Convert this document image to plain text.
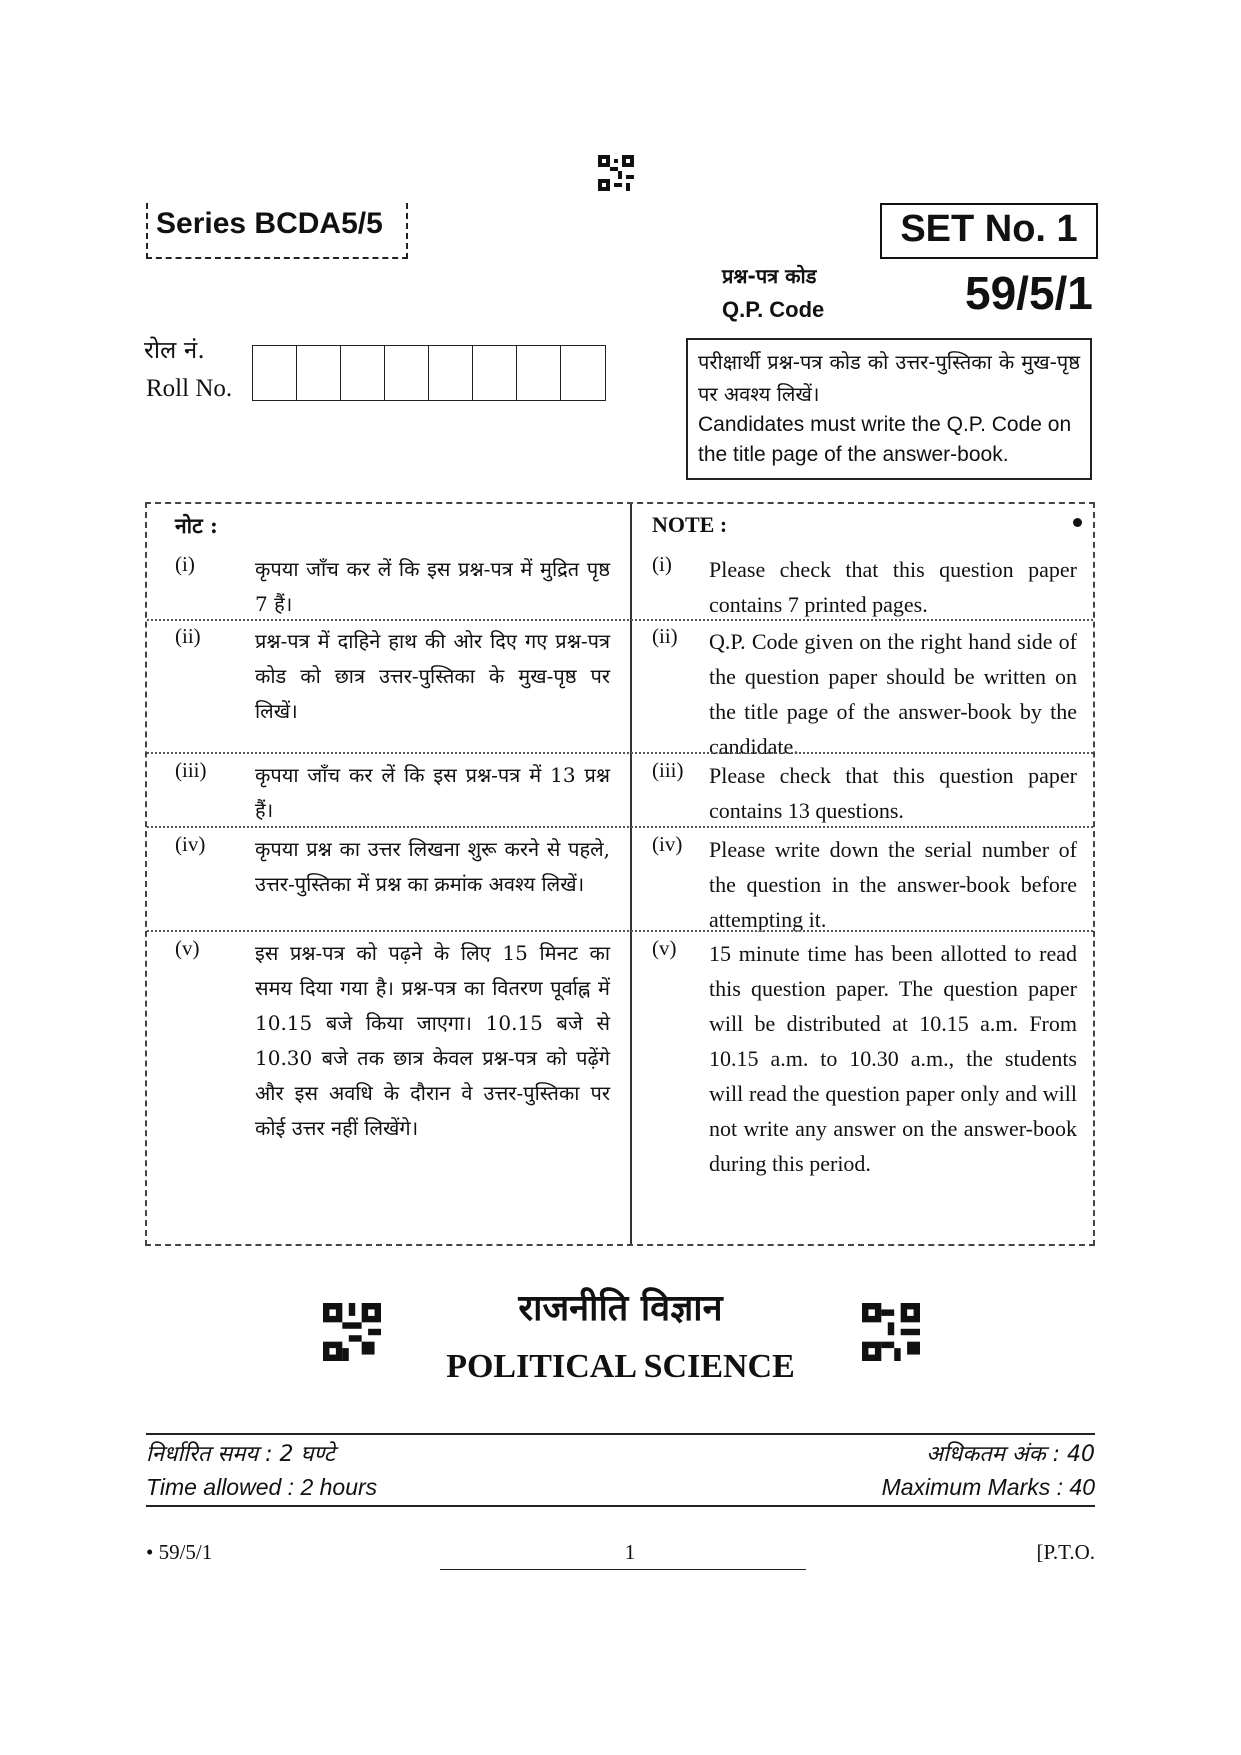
Series BCDA5/5	SET No. 1
प्रश्न-पत्र कोड
Q.P. Code	59/5/1
रोल नं.
Roll No.
परीक्षार्थी प्रश्न-पत्र कोड को उत्तर-पुस्तिका के मुख-पृष्ठ पर अवश्य लिखें।
Candidates must write the Q.P. Code on the title page of the answer-book.
नोट :	NOTE :
(i)	कृपया जाँच कर लें कि इस प्रश्न-पत्र में मुद्रित पृष्ठ 7 हैं।
(i) Please check that this question paper contains 7 printed pages.
(ii)	प्रश्न-पत्र में दाहिने हाथ की ओर दिए गए प्रश्न-पत्र कोड को छात्र उत्तर-पुस्तिका के मुख-पृष्ठ पर लिखें।
(ii) Q.P. Code given on the right hand side of the question paper should be written on the title page of the answer-book by the candidate.
(iii) कृपया जाँच कर लें कि इस प्रश्न-पत्र में 13 प्रश्न हैं।
(iii) Please check that this question paper contains 13 questions.
(iv) कृपया प्रश्न का उत्तर लिखना शुरू करने से पहले, उत्तर-पुस्तिका में प्रश्न का क्रमांक अवश्य लिखें।
(iv) Please write down the serial number of the question in the answer-book before attempting it.
(v)	इस प्रश्न-पत्र को पढ़ने के लिए 15 मिनट का समय दिया गया है। प्रश्न-पत्र का वितरण पूर्वाह्न में 10.15 बजे किया जाएगा। 10.15 बजे से 10.30 बजे तक छात्र केवल प्रश्न-पत्र को पढ़ेंगे और इस अवधि के दौरान वे उत्तर-पुस्तिका पर कोई उत्तर नहीं लिखेंगे।
(v) 15 minute time has been allotted to read this question paper. The question paper will be distributed at 10.15 a.m. From 10.15 a.m. to 10.30 a.m., the students will read the question paper only and will not write any answer on the answer-book during this period.
राजनीति विज्ञान
POLITICAL SCIENCE
निर्धारित समय : 2 घण्टे
Time allowed : 2 hours
अधिकतम अंक : 40
Maximum Marks : 40
• 59/5/1	1	[P.T.O.
